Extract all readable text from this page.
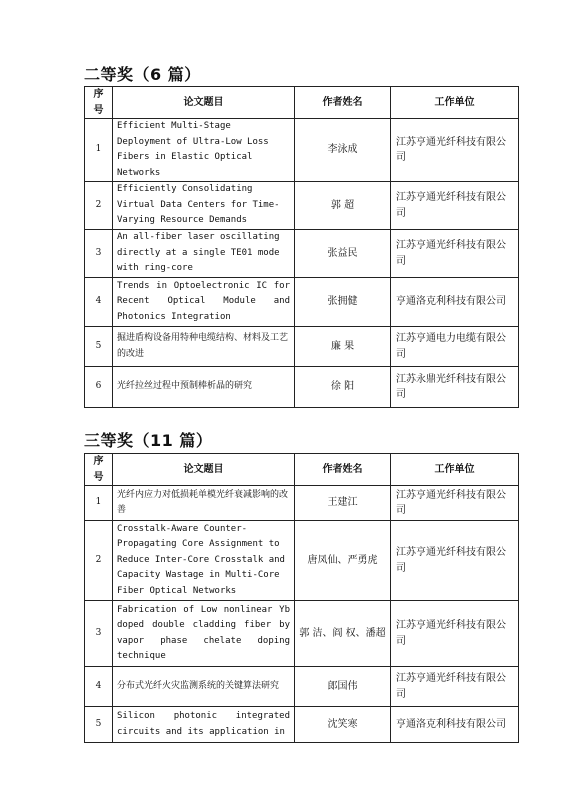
二等奖（6 篇）
序号	论文题目	作者姓名	工作单位
1	Efficient Multi-Stage Deployment of Ultra-Low Loss Fibers in Elastic Optical Networks	李泳成	江苏亨通光纤科技有限公司
2	Efficiently Consolidating Virtual Data Centers for Time-Varying Resource Demands	郭 超	江苏亨通光纤科技有限公司
3	An all-fiber laser oscillating directly at a single TE01 mode with ring-core	张益民	江苏亨通光纤科技有限公司
4	Trends in Optoelectronic IC for Recent Optical Module and Photonics Integration	张拥健	亨通洛克利科技有限公司
5	掘进盾构设备用特种电缆结构、材料及工艺的改进	廉 果	江苏亨通电力电缆有限公司
6	光纤拉丝过程中预制棒析晶的研究	徐 阳	江苏永鼎光纤科技有限公司
三等奖（11 篇）
序号	论文题目	作者姓名	工作单位
1	光纤内应力对低损耗单模光纤衰减影响的改善	王建江	江苏亨通光纤科技有限公司
2	Crosstalk-Aware Counter-Propagating Core Assignment to Reduce Inter-Core Crosstalk and Capacity Wastage in Multi-Core Fiber Optical Networks	唐凤仙、严勇虎	江苏亨通光纤科技有限公司
3	Fabrication of Low nonlinear Yb doped double cladding fiber by vapor phase chelate doping technique	郭 洁、阎 权、潘超	江苏亨通光纤科技有限公司
4	分布式光纤火灾监测系统的关键算法研究	郎国伟	江苏亨通光纤科技有限公司
5	Silicon photonic integrated circuits and its application in	沈笑寒	亨通洛克利科技有限公司
